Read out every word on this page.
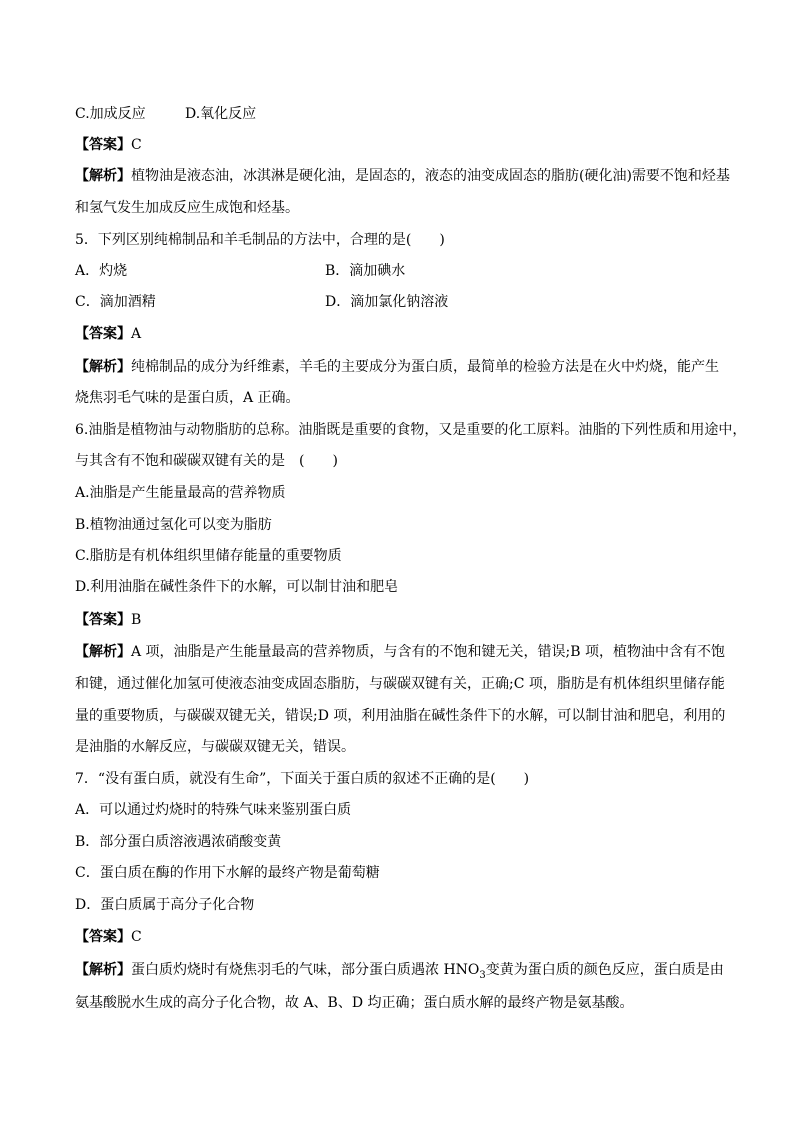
C.加成反应	D.氧化反应
【答案】C
【解析】植物油是液态油，冰淇淋是硬化油，是固态的，液态的油变成固态的脂肪(硬化油)需要不饱和烃基
和氢气发生加成反应生成饱和烃基。
5．下列区别纯棉制品和羊毛制品的方法中，合理的是(　　)
A．灼烧	B．滴加碘水
C．滴加酒精	D．滴加氯化钠溶液
【答案】A
【解析】纯棉制品的成分为纤维素，羊毛的主要成分为蛋白质，最简单的检验方法是在火中灼烧，能产生
烧焦羽毛气味的是蛋白质，A 正确。
6.油脂是植物油与动物脂肪的总称。油脂既是重要的食物，又是重要的化工原料。油脂的下列性质和用途中，
与其含有不饱和碳碳双键有关的是　(　　)
A.油脂是产生能量最高的营养物质
B.植物油通过氢化可以变为脂肪
C.脂肪是有机体组织里储存能量的重要物质
D.利用油脂在碱性条件下的水解，可以制甘油和肥皂
【答案】B
【解析】A 项，油脂是产生能量最高的营养物质，与含有的不饱和键无关，错误;B 项，植物油中含有不饱
和键，通过催化加氢可使液态油变成固态脂肪，与碳碳双键有关，正确;C 项，脂肪是有机体组织里储存能
量的重要物质，与碳碳双键无关，错误;D 项，利用油脂在碱性条件下的水解，可以制甘油和肥皂，利用的
是油脂的水解反应，与碳碳双键无关，错误。
7．“没有蛋白质，就没有生命”，下面关于蛋白质的叙述不正确的是(　　)
A．可以通过灼烧时的特殊气味来鉴别蛋白质
B．部分蛋白质溶液遇浓硝酸变黄
C．蛋白质在酶的作用下水解的最终产物是葡萄糖
D．蛋白质属于高分子化合物
【答案】C
【解析】蛋白质灼烧时有烧焦羽毛的气味，部分蛋白质遇浓 $HNO_3$变黄为蛋白质的颜色反应，蛋白质是由
氨基酸脱水生成的高分子化合物，故 A、B、D 均正确；蛋白质水解的最终产物是氨基酸。
